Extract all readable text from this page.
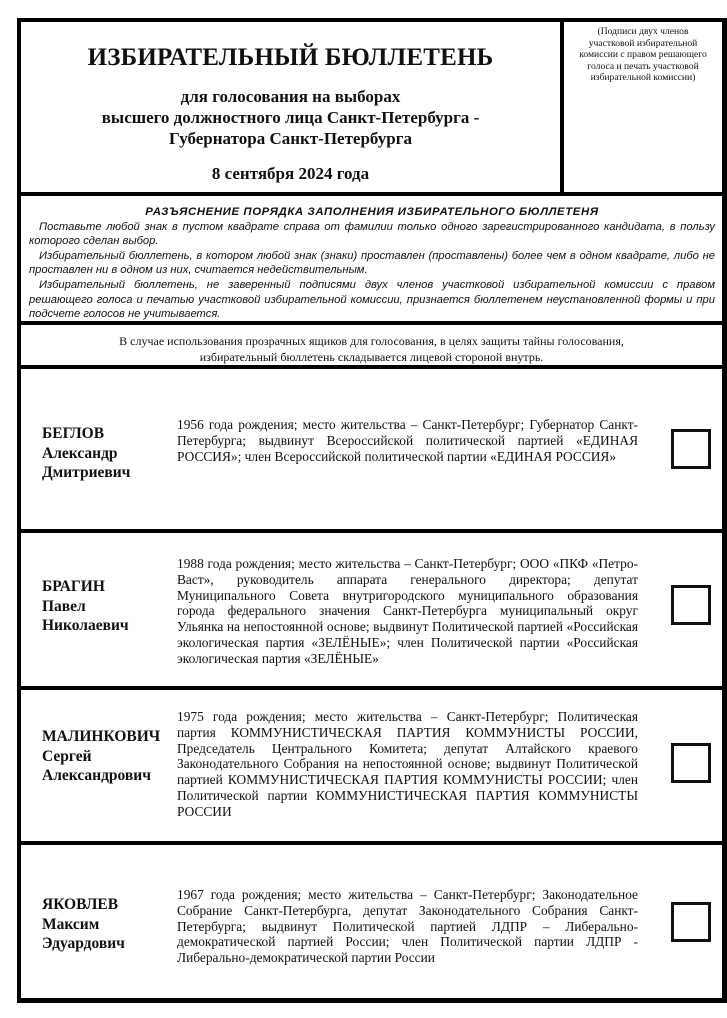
ИЗБИРАТЕЛЬНЫЙ БЮЛЛЕТЕНЬ
для голосования на выборах
высшего должностного лица Санкт-Петербурга -
Губернатора Санкт-Петербурга
8 сентября 2024 года
(Подписи двух членов
участковой избирательной
комиссии с правом решающего
голоса и печать участковой
избирательной комиссии)
РАЗЪЯСНЕНИЕ ПОРЯДКА ЗАПОЛНЕНИЯ ИЗБИРАТЕЛЬНОГО БЮЛЛЕТЕНЯ

Поставьте любой знак в пустом квадрате справа от фамилии только одного зарегистрированного кандидата, в пользу которого сделан выбор.

Избирательный бюллетень, в котором любой знак (знаки) проставлен (проставлены) более чем в одном квадрате, либо не проставлен ни в одном из них, считается недействительным.

Избирательный бюллетень, не заверенный подписями двух членов участковой избирательной комиссии с правом решающего голоса и печатью участковой избирательной комиссии, признается бюллетенем неустановленной формы и при подсчете голосов не учитывается.

В случае использования прозрачных ящиков для голосования, в целях защиты тайны голосования,
избирательный бюллетень складывается лицевой стороной внутрь.
БЕГЛОВ
Александр
Дмитриевич
1956 года рождения; место жительства – Санкт-Петербург; Губернатор Санкт-Петербурга; выдвинут Всероссийской политической партией «ЕДИНАЯ РОССИЯ»; член Всероссийской политической партии «ЕДИНАЯ РОССИЯ»
БРАГИН
Павел
Николаевич
1988 года рождения; место жительства – Санкт-Петербург; ООО «ПКФ «Петро-Васт», руководитель аппарата генерального директора; депутат Муниципального Совета внутригородского муниципального образования города федерального значения Санкт-Петербурга муниципальный округ Ульянка на непостоянной основе; выдвинут Политической партией «Российская экологическая партия «ЗЕЛЁНЫЕ»; член Политической партии «Российская экологическая партия «ЗЕЛЁНЫЕ»
МАЛИНКОВИЧ
Сергей
Александрович
1975 года рождения; место жительства – Санкт-Петербург; Политическая партия КОММУНИСТИЧЕСКАЯ ПАРТИЯ КОММУНИСТЫ РОССИИ, Председатель Центрального Комитета; депутат Алтайского краевого Законодательного Собрания на непостоянной основе; выдвинут Политической партией КОММУНИСТИЧЕСКАЯ ПАРТИЯ КОММУНИСТЫ РОССИИ; член Политической партии КОММУНИСТИЧЕСКАЯ ПАРТИЯ КОММУНИСТЫ РОССИИ
ЯКОВЛЕВ
Максим
Эдуардович
1967 года рождения; место жительства – Санкт-Петербург; Законодательное Собрание Санкт-Петербурга, депутат Законодательного Собрания Санкт-Петербурга; выдвинут Политической партией ЛДПР – Либерально-демократической партией России; член Политической партии ЛДПР - Либерально-демократической партии России
